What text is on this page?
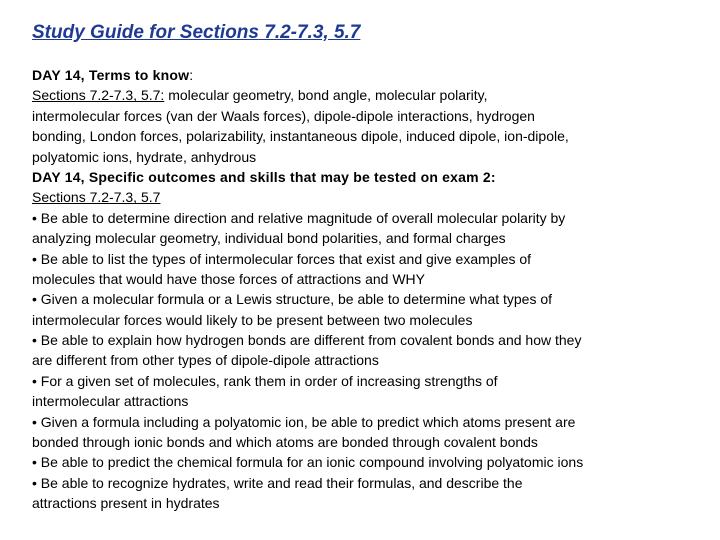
Study Guide for Sections 7.2-7.3, 5.7
DAY 14, Terms to know:
Sections 7.2-7.3, 5.7: molecular geometry, bond angle, molecular polarity,
intermolecular forces (van der Waals forces), dipole-dipole interactions, hydrogen
bonding, London forces, polarizability, instantaneous dipole, induced dipole, ion-dipole,
polyatomic ions, hydrate, anhydrous
DAY 14, Specific outcomes and skills that may be tested on exam 2:
Sections 7.2-7.3, 5.7
• Be able to determine direction and relative magnitude of overall molecular polarity by
analyzing molecular geometry, individual bond polarities, and formal charges
• Be able to list the types of intermolecular forces that exist and give examples of
molecules that would have those forces of attractions and WHY
• Given a molecular formula or a Lewis structure, be able to determine what types of
intermolecular forces would likely to be present between two molecules
• Be able to explain how hydrogen bonds are different from covalent bonds and how they
are different from other types of dipole-dipole attractions
• For a given set of molecules, rank them in order of increasing strengths of
intermolecular attractions
• Given a formula including a polyatomic ion, be able to predict which atoms present are
bonded through ionic bonds and which atoms are bonded through covalent bonds
• Be able to predict the chemical formula for an ionic compound involving polyatomic ions
• Be able to recognize hydrates, write and read their formulas, and describe the
attractions present in hydrates
